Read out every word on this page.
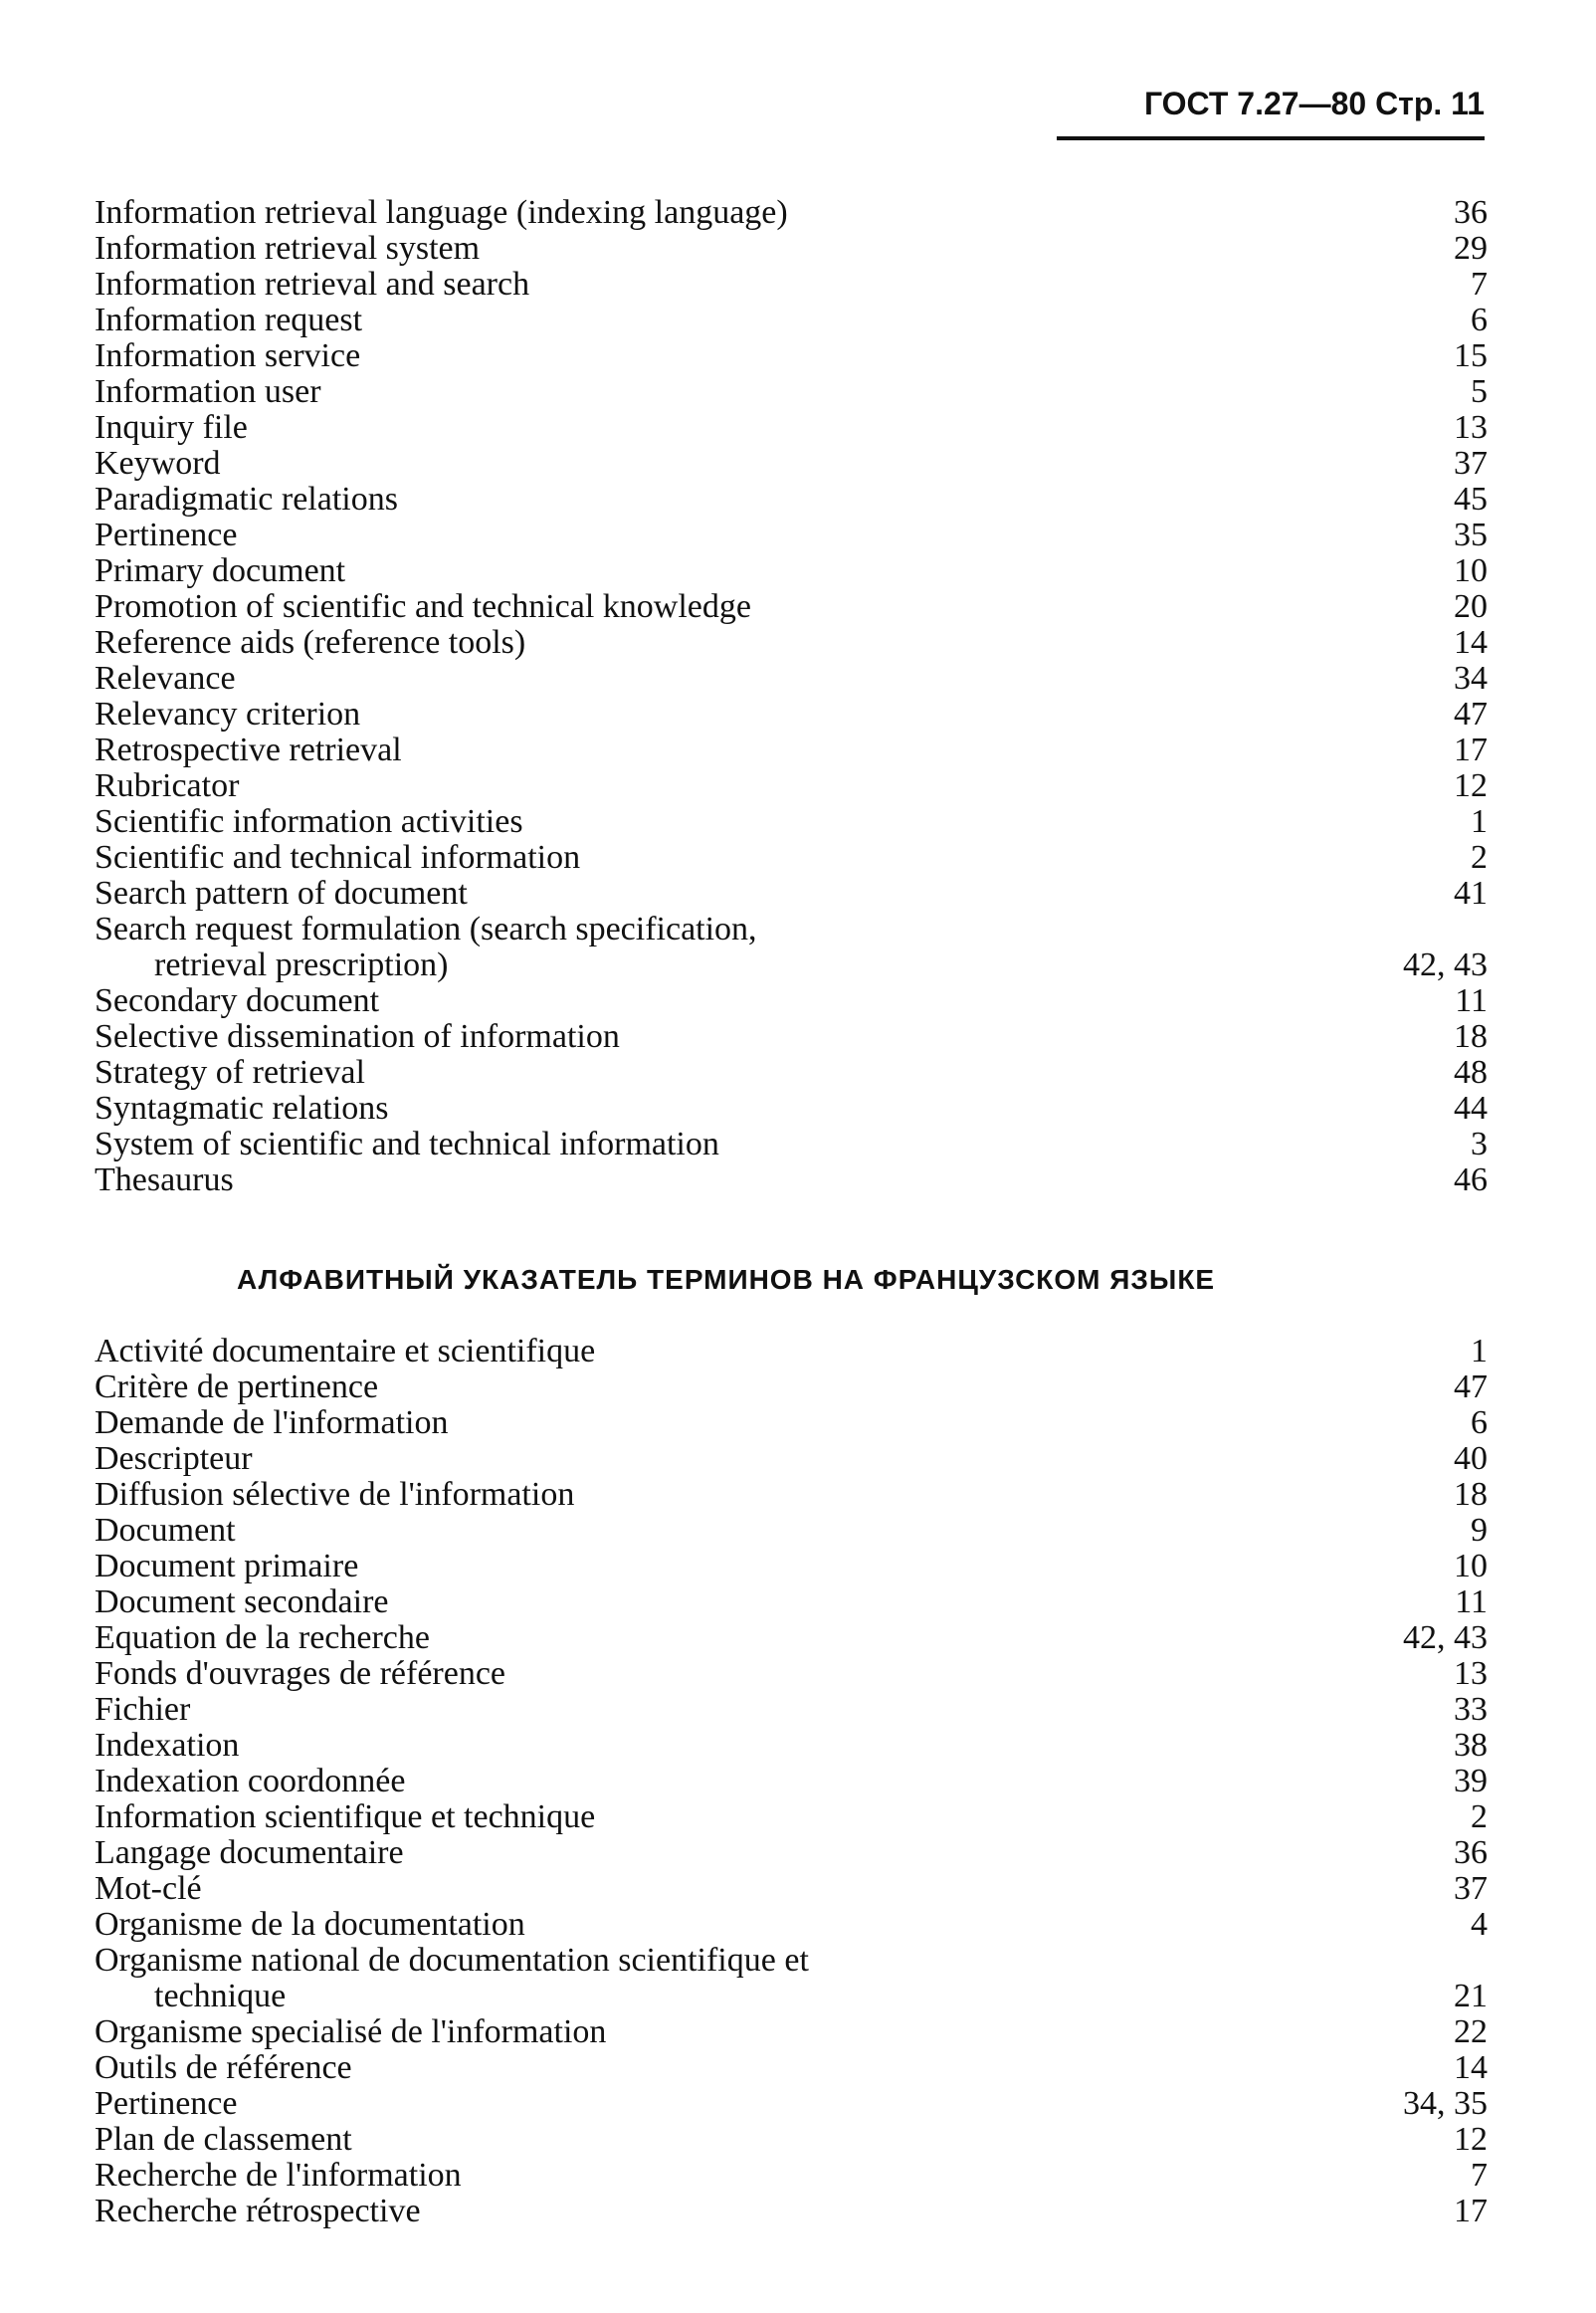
ГОСТ 7.27—80 Стр. 11
Information retrieval language (indexing language)	36
Information retrieval system	29
Information retrieval and search	7
Information request	6
Information service	15
Information user	5
Inquiry file	13
Keyword	37
Paradigmatic relations	45
Pertinence	35
Primary document	10
Promotion of scientific and technical knowledge	20
Reference aids (reference tools)	14
Relevance	34
Relevancy criterion	47
Retrospective retrieval	17
Rubricator	12
Scientific information activities	1
Scientific and technical information	2
Search pattern of document	41
Search request formulation (search specification,
retrieval prescription)	42, 43
Secondary document	11
Selective dissemination of information	18
Strategy of retrieval	48
Syntagmatic relations	44
System of scientific and technical information	3
Thesaurus	46
АЛФАВИТНЫЙ УКАЗАТЕЛЬ ТЕРМИНОВ НА ФРАНЦУЗСКОМ ЯЗЫКЕ
Activité documentaire et scientifique	1
Critère de pertinence	47
Demande de l'information	6
Descripteur	40
Diffusion sélective de l'information	18
Document	9
Document primaire	10
Document secondaire	11
Equation de la recherche	42, 43
Fonds d'ouvrages de référence	13
Fichier	33
Indexation	38
Indexation coordonnée	39
Information scientifique et technique	2
Langage documentaire	36
Mot-clé	37
Organisme de la documentation	4
Organisme national de documentation scientifique et
technique	21
Organisme specialisé de l'information	22
Outils de référence	14
Pertinence	34, 35
Plan de classement	12
Recherche de l'information	7
Recherche rétrospective	17
